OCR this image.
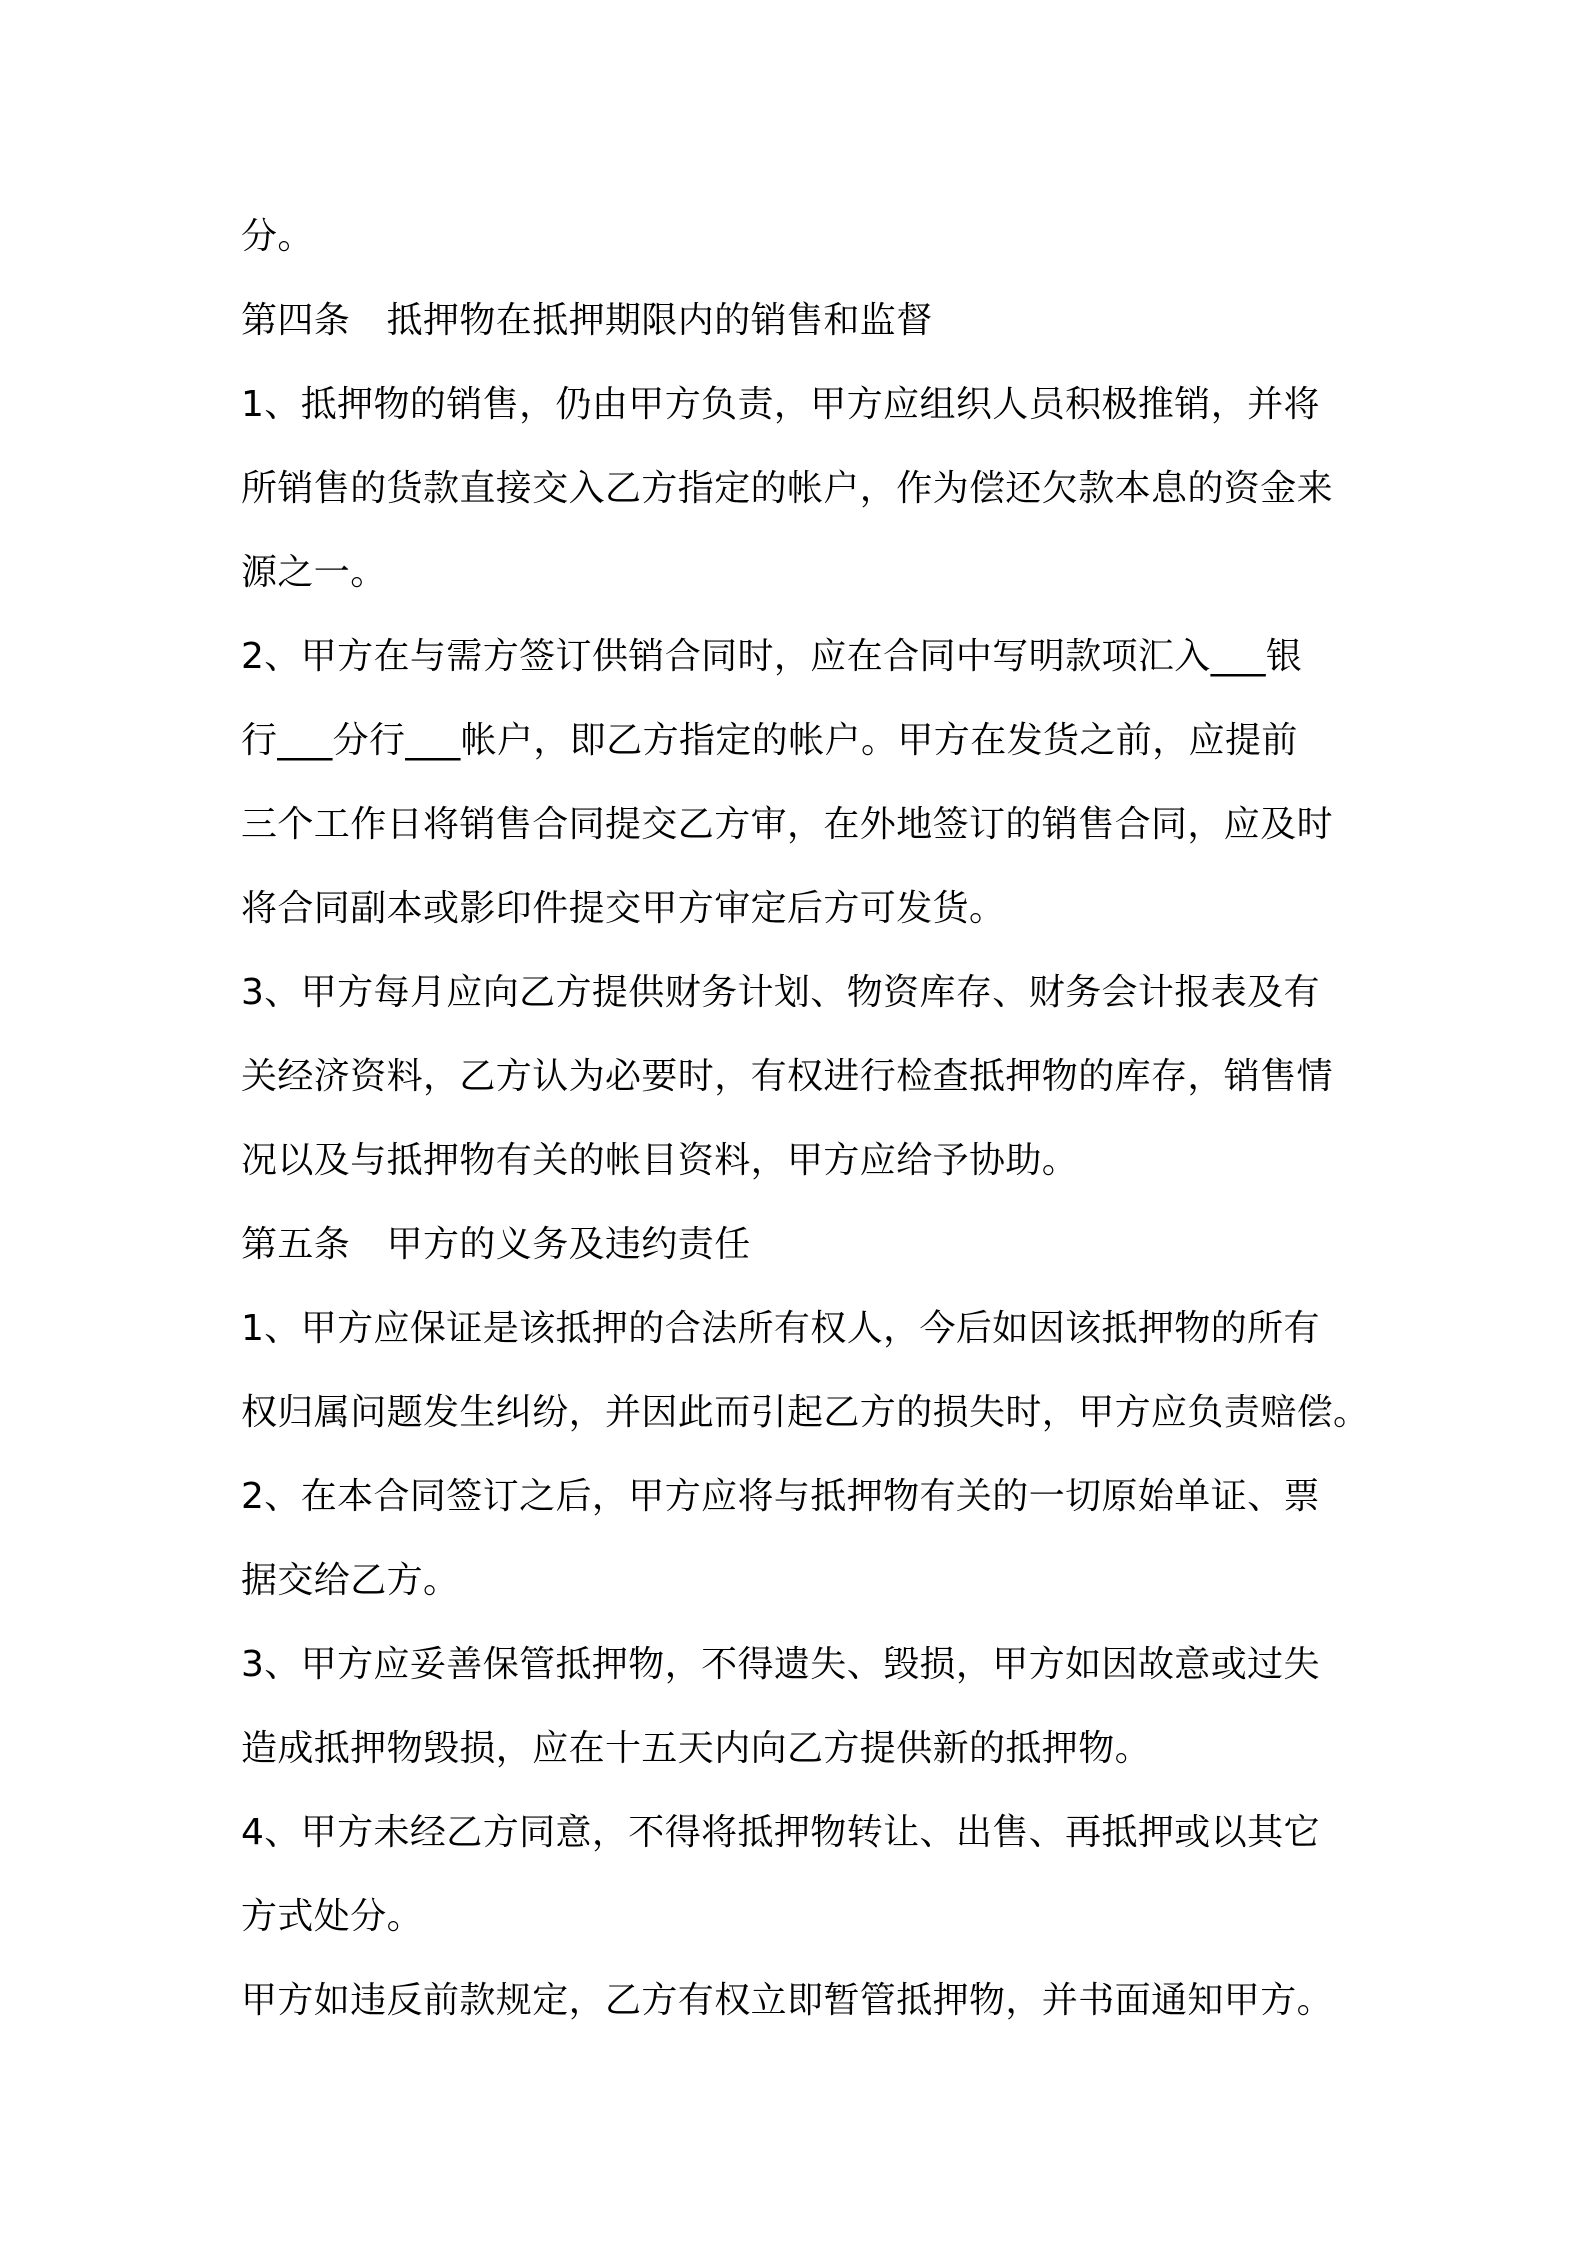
分。
第四条　抵押物在抵押期限内的销售和监督
1、抵押物的销售，仍由甲方负责，甲方应组织人员积极推销，并将
所销售的货款直接交入乙方指定的帐户，作为偿还欠款本息的资金来
源之一。
2、甲方在与需方签订供销合同时，应在合同中写明款项汇入___银
行___分行___帐户，即乙方指定的帐户。甲方在发货之前，应提前
三个工作日将销售合同提交乙方审，在外地签订的销售合同，应及时
将合同副本或影印件提交甲方审定后方可发货。
3、甲方每月应向乙方提供财务计划、物资库存、财务会计报表及有
关经济资料，乙方认为必要时，有权进行检查抵押物的库存，销售情
况以及与抵押物有关的帐目资料，甲方应给予协助。
第五条　甲方的义务及违约责任
1、甲方应保证是该抵押的合法所有权人，今后如因该抵押物的所有
权归属问题发生纠纷，并因此而引起乙方的损失时，甲方应负责赔偿。
2、在本合同签订之后，甲方应将与抵押物有关的一切原始单证、票
据交给乙方。
3、甲方应妥善保管抵押物，不得遗失、毁损，甲方如因故意或过失
造成抵押物毁损，应在十五天内向乙方提供新的抵押物。
4、甲方未经乙方同意，不得将抵押物转让、出售、再抵押或以其它
方式处分。
甲方如违反前款规定，乙方有权立即暂管抵押物，并书面通知甲方。
